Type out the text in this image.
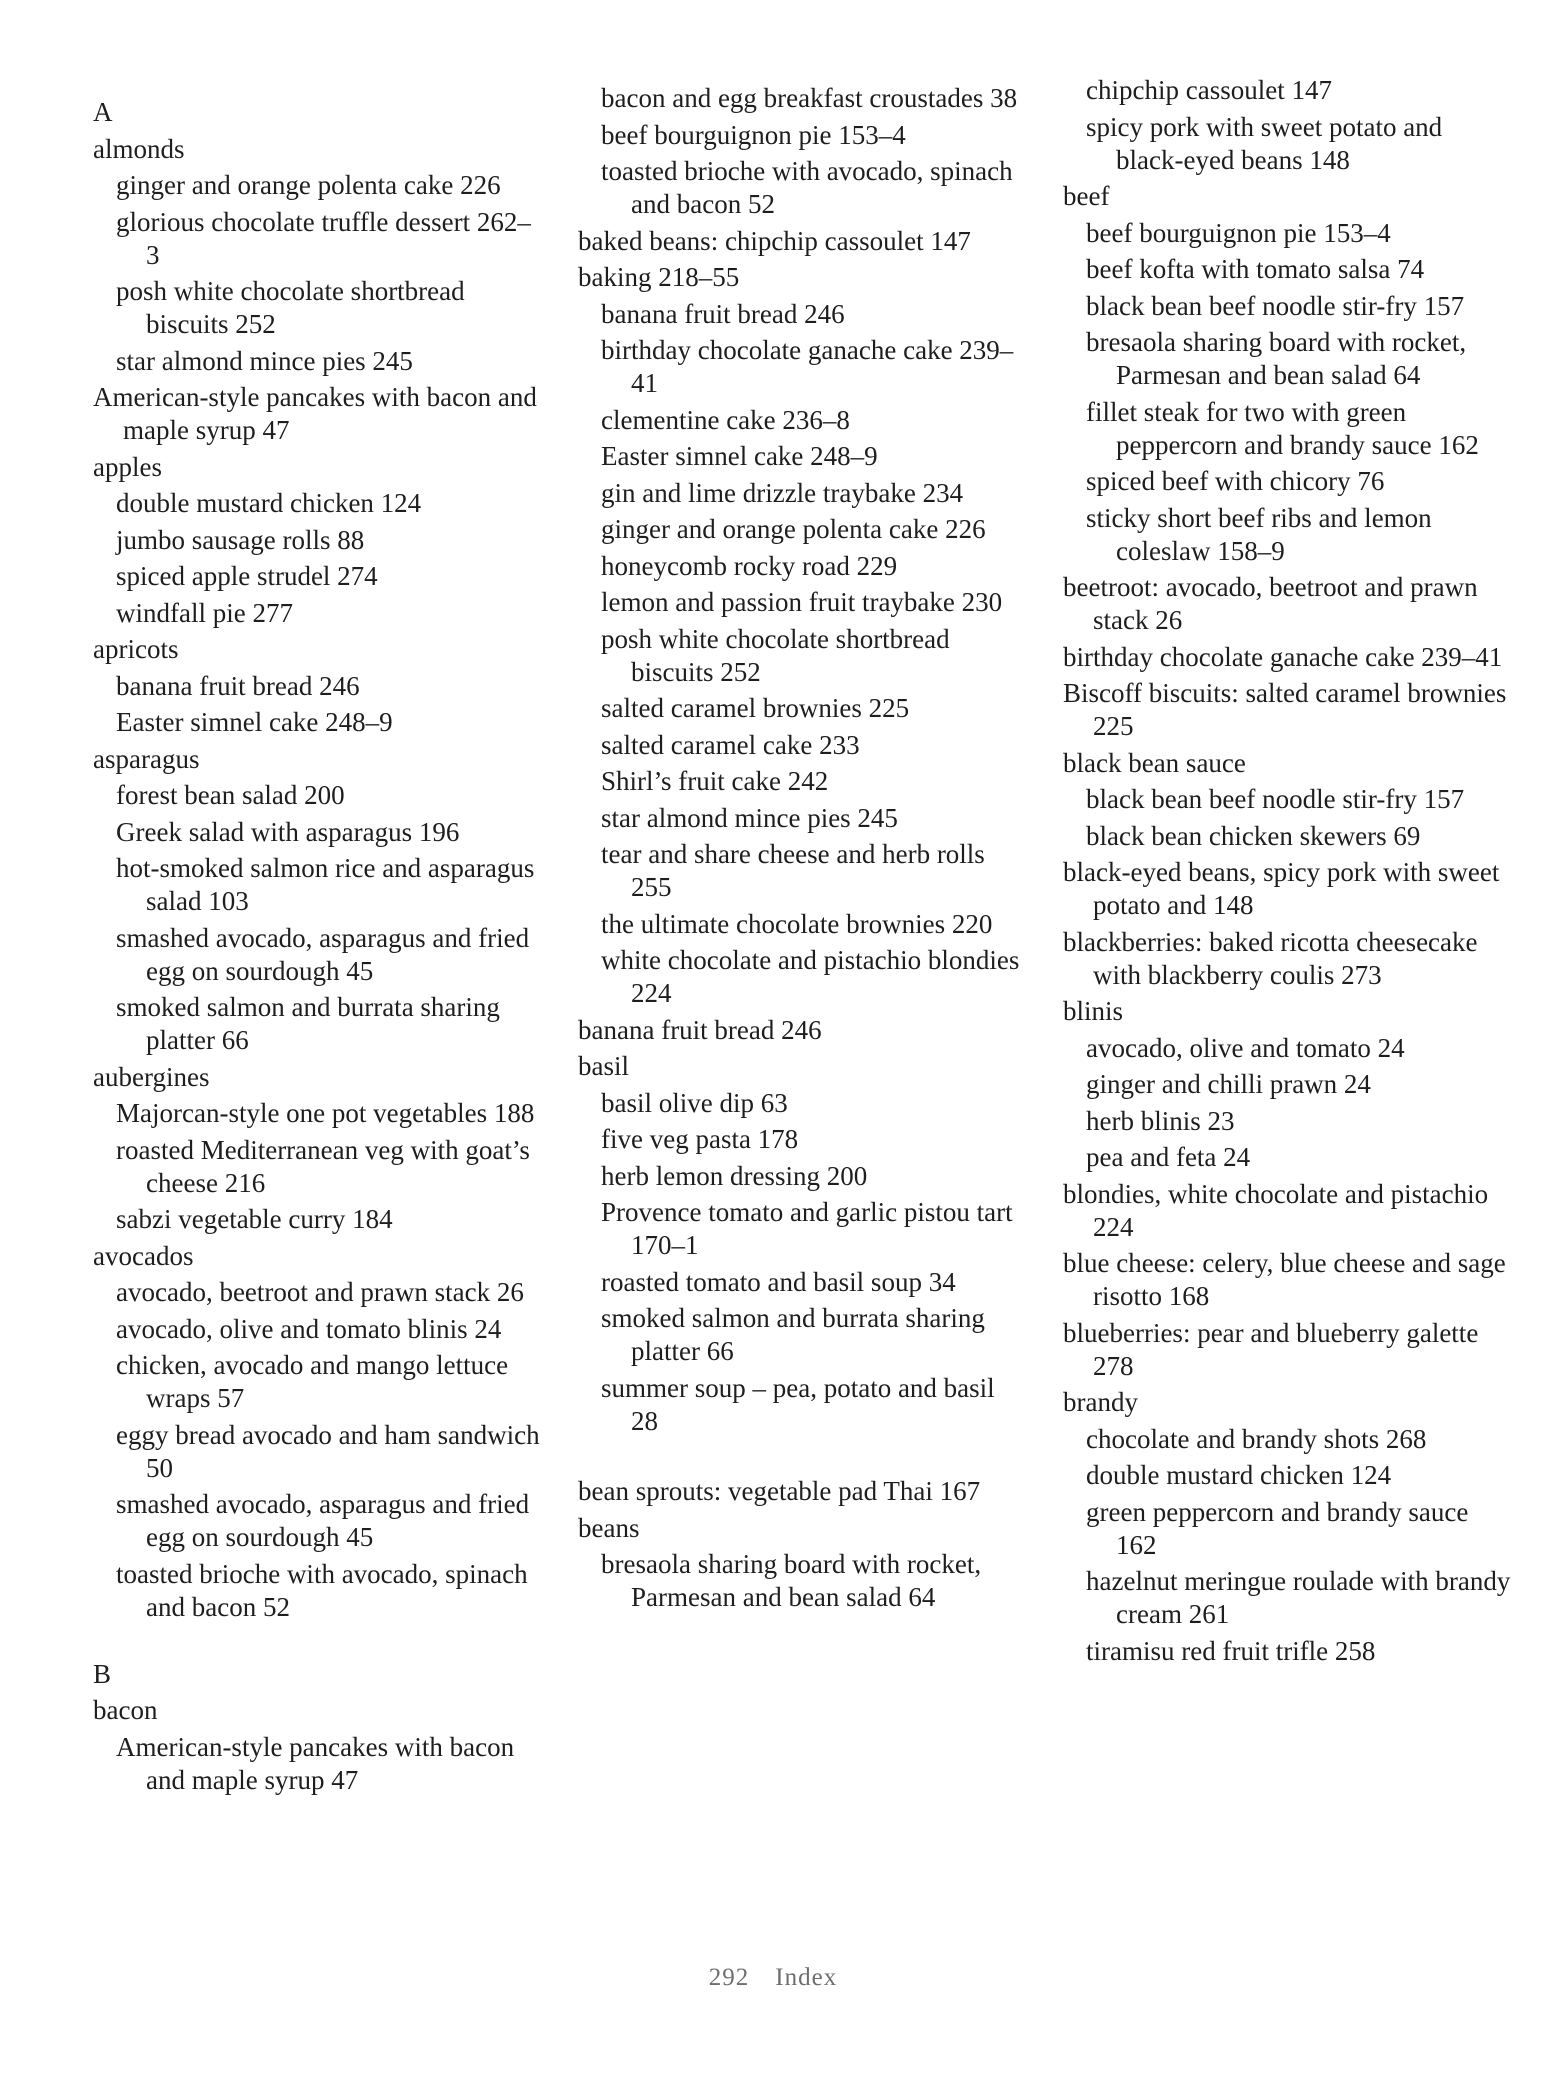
A
almonds
ginger and orange polenta cake 226
glorious chocolate truffle dessert 262–3
posh white chocolate shortbread biscuits 252
star almond mince pies 245
American-style pancakes with bacon and maple syrup 47
apples
double mustard chicken 124
jumbo sausage rolls 88
spiced apple strudel 274
windfall pie 277
apricots
banana fruit bread 246
Easter simnel cake 248–9
asparagus
forest bean salad 200
Greek salad with asparagus 196
hot-smoked salmon rice and asparagus salad 103
smashed avocado, asparagus and fried egg on sourdough 45
smoked salmon and burrata sharing platter 66
aubergines
Majorcan-style one pot vegetables 188
roasted Mediterranean veg with goat’s cheese 216
sabzi vegetable curry 184
avocados
avocado, beetroot and prawn stack 26
avocado, olive and tomato blinis 24
chicken, avocado and mango lettuce wraps 57
eggy bread avocado and ham sandwich 50
smashed avocado, asparagus and fried egg on sourdough 45
toasted brioche with avocado, spinach and bacon 52
B
bacon
American-style pancakes with bacon and maple syrup 47
bacon and egg breakfast croustades 38
beef bourguignon pie 153–4
toasted brioche with avocado, spinach and bacon 52
baked beans: chipchip cassoulet 147
baking 218–55
banana fruit bread 246
birthday chocolate ganache cake 239–41
clementine cake 236–8
Easter simnel cake 248–9
gin and lime drizzle traybake 234
ginger and orange polenta cake 226
honeycomb rocky road 229
lemon and passion fruit traybake 230
posh white chocolate shortbread biscuits 252
salted caramel brownies 225
salted caramel cake 233
Shirl’s fruit cake 242
star almond mince pies 245
tear and share cheese and herb rolls 255
the ultimate chocolate brownies 220
white chocolate and pistachio blondies 224
banana fruit bread 246
basil
basil olive dip 63
five veg pasta 178
herb lemon dressing 200
Provence tomato and garlic pistou tart 170–1
roasted tomato and basil soup 34
smoked salmon and burrata sharing platter 66
summer soup – pea, potato and basil 28
bean sprouts: vegetable pad Thai 167
beans
bresaola sharing board with rocket, Parmesan and bean salad 64
chipchip cassoulet 147
spicy pork with sweet potato and black-eyed beans 148
beef
beef bourguignon pie 153–4
beef kofta with tomato salsa 74
black bean beef noodle stir-fry 157
bresaola sharing board with rocket, Parmesan and bean salad 64
fillet steak for two with green peppercorn and brandy sauce 162
spiced beef with chicory 76
sticky short beef ribs and lemon coleslaw 158–9
beetroot: avocado, beetroot and prawn stack 26
birthday chocolate ganache cake 239–41
Biscoff biscuits: salted caramel brownies 225
black bean sauce
black bean beef noodle stir-fry 157
black bean chicken skewers 69
black-eyed beans, spicy pork with sweet potato and 148
blackberries: baked ricotta cheesecake with blackberry coulis 273
blinis
avocado, olive and tomato 24
ginger and chilli prawn 24
herb blinis 23
pea and feta 24
blondies, white chocolate and pistachio 224
blue cheese: celery, blue cheese and sage risotto 168
blueberries: pear and blueberry galette 278
brandy
chocolate and brandy shots 268
double mustard chicken 124
green peppercorn and brandy sauce 162
hazelnut meringue roulade with brandy cream 261
tiramisu red fruit trifle 258
292 Index
